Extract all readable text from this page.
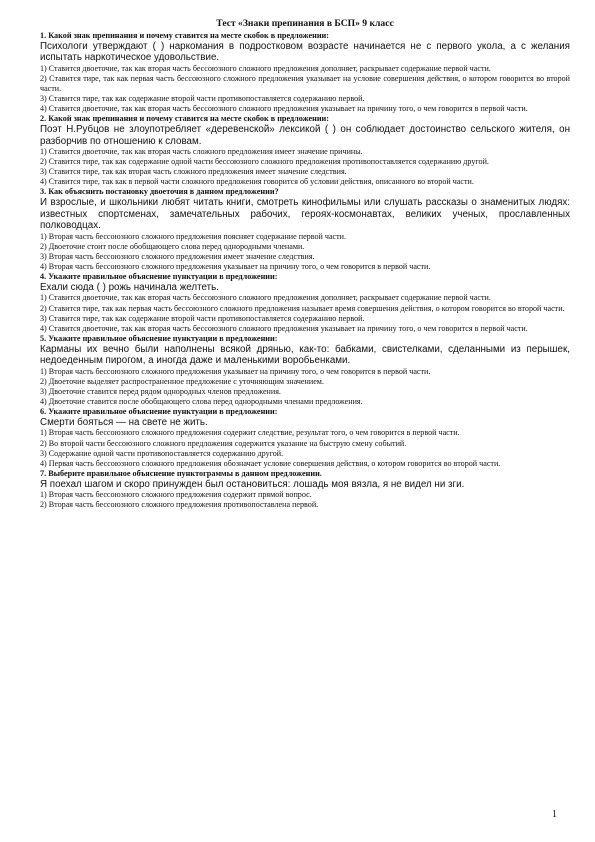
Тест «Знаки препинания в БСП» 9 класс
1. Какой знак препинания и почему ставится на месте скобок в предложении:
Психологи утверждают ( ) наркомания в подростковом возрасте начинается не с первого укола, а с желания испытать наркотическое удовольствие.
1) Ставится двоеточие, так как вторая часть бессоюзного сложного предложения дополняет, раскрывает содержание первой части.
2) Ставится тире, так как первая часть бессоюзного сложного предложения указывает на условие совершения действия, о котором говорится во второй части.
3) Ставится тире, так как содержание второй части противопоставляется содержанию первой.
4) Ставится двоеточие, так как вторая часть бессоюзного сложного предложения указывает на причину того, о чем говорится в первой части.
2. Какой знак препинания и почему ставится на месте скобок в предложении:
Поэт Н.Рубцов не злоупотребляет «деревенской» лексикой ( ) он соблюдает достоинство сельского жителя, он разборчив по отношению к словам.
1) Ставится двоеточие, так как вторая часть сложного предложения имеет значение причины.
2) Ставится тире, так как содержание одной части бессоюзного сложного предложения противопоставляется содержанию другой.
3) Ставится тире, так как вторая часть сложного предложения имеет значение следствия.
4) Ставится тире, так как в первой части сложного предложения говорится об условии действия, описанного во второй части.
3. Как объяснить постановку двоеточия в данном предложении?
И взрослые, и школьники любят читать книги, смотреть кинофильмы или слушать рассказы о знаменитых людях: известных спортсменах, замечательных рабочих, героях-космонавтах, великих ученых, прославленных полководцах.
1) Вторая часть бессоюзного сложного предложения поясняет содержание первой части.
2) Двоеточие стоит после обобщающего слова перед однородными членами.
3) Вторая часть бессоюзного сложного предложения имеет значение следствия.
4) Вторая часть бессоюзного сложного предложения указывает на причину того, о чем говорится в первой части.
4. Укажите правильное объяснение пунктуации в предложении:
Ехали сюда ( ) рожь начинала желтеть.
1) Ставится двоеточие, так как вторая часть бессоюзного сложного предложения дополняет, раскрывает содержание первой части.
2) Ставится тире, так как первая часть бессоюзного сложного предложения называет время совершения действия, о котором говорится во второй части.
3) Ставится тире, так как содержание второй части противопоставляется содержанию первой.
4) Ставится двоеточие, так как вторая часть бессоюзного сложного предложения указывает на причину того, о чем говорится в первой части.
5. Укажите правильное объяснение пунктуации в предложении:
Карманы их вечно были наполнены всякой дрянью, как-то: бабками, свистелками, сделанными из перышек, недоеденным пирогом, а иногда даже и маленькими воробьенками.
1) Вторая часть бессоюзного сложного предложения указывает на причину того, о чем говорится в первой части.
2) Двоеточие выделяет распространенное предложение с уточняющим значением.
3) Двоеточие ставится перед рядом однородных членов предложения.
4) Двоеточие ставится после обобщающего слова перед однородными членами предложения.
6. Укажите правильное объяснение пунктуации в предложении:
Смерти бояться — на свете не жить.
1) Вторая часть бессоюзного сложного предложения содержит следствие, результат того, о чем говорится в первой части.
2) Во второй части бессоюзного сложного предложения содержится указание на быструю смену событий.
3) Содержание одной части противопоставляется содержанию другой.
4) Первая часть бессоюзного сложного предложения обозначает условие совершения действия, о котором говорится во второй части.
7. Выберите правильное объяснение пунктограммы в данном предложении.
Я поехал шагом и скоро принужден был остановиться: лошадь моя вязла, я не видел ни зги.
1) Вторая часть бессоюзного сложного предложения содержит прямой вопрос.
2) Вторая часть бессоюзного сложного предложения противопоставлена первой.
1
